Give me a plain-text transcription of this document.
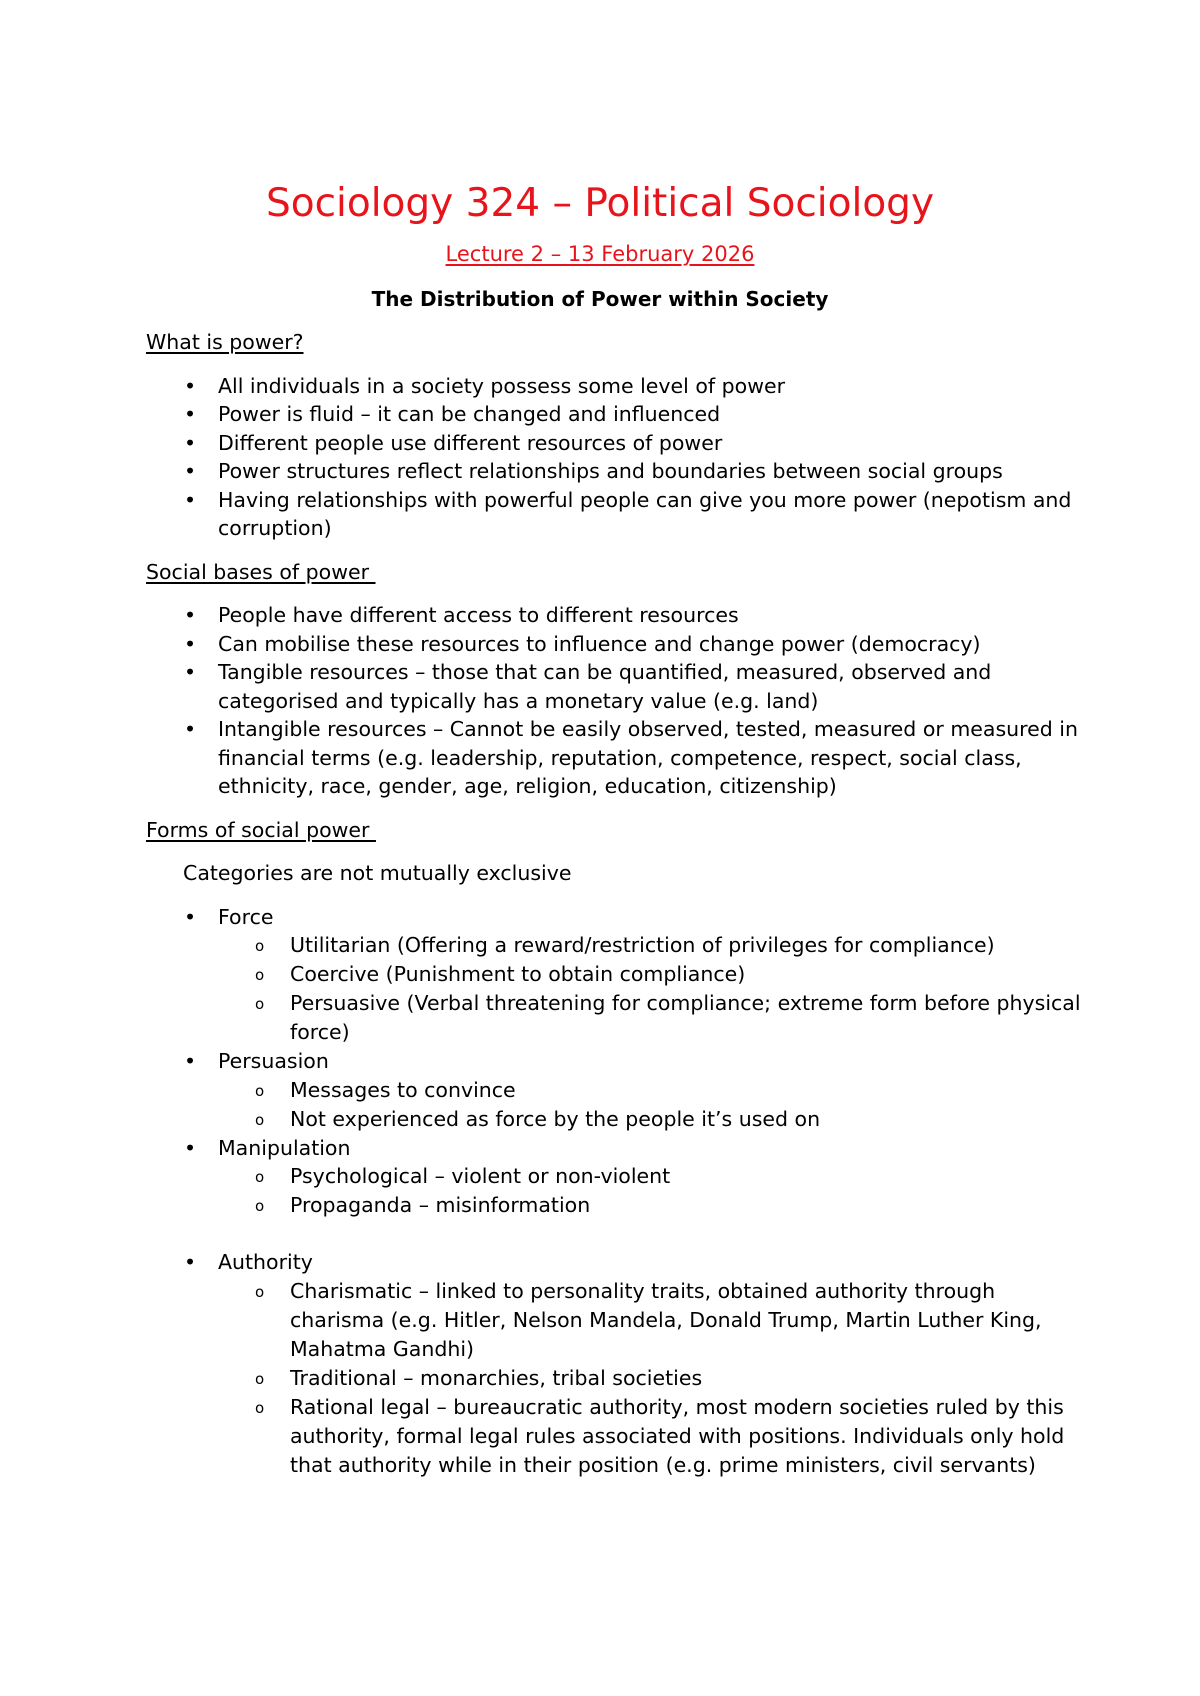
Sociology 324 – Political Sociology
Lecture 2 – 13 February 2026
The Distribution of Power within Society
What is power?
•	All individuals in a society possess some level of power
•	Power is fluid – it can be changed and influenced
•	Different people use different resources of power
•	Power structures reflect relationships and boundaries between social groups
•	Having relationships with powerful people can give you more power (nepotism and corruption)
Social bases of power
•	People have different access to different resources
•	Can mobilise these resources to influence and change power (democracy)
•	Tangible resources – those that can be quantified, measured, observed and categorised and typically has a monetary value (e.g. land)
•	Intangible resources – Cannot be easily observed, tested, measured or measured in financial terms (e.g. leadership, reputation, competence, respect, social class, ethnicity, race, gender, age, religion, education, citizenship)
Forms of social power
Categories are not mutually exclusive
•	Force
o Utilitarian (Offering a reward/restriction of privileges for compliance)
o Coercive (Punishment to obtain compliance)
o Persuasive (Verbal threatening for compliance; extreme form before physical force)
•	Persuasion
o Messages to convince
o Not experienced as force by the people it’s used on
•	Manipulation
o Psychological – violent or non-violent
o Propaganda – misinformation
•	Authority
o Charismatic – linked to personality traits, obtained authority through charisma (e.g. Hitler, Nelson Mandela, Donald Trump, Martin Luther King, Mahatma Gandhi)
o Traditional – monarchies, tribal societies
o Rational legal – bureaucratic authority, most modern societies ruled by this authority, formal legal rules associated with positions. Individuals only hold that authority while in their position (e.g. prime ministers, civil servants)
